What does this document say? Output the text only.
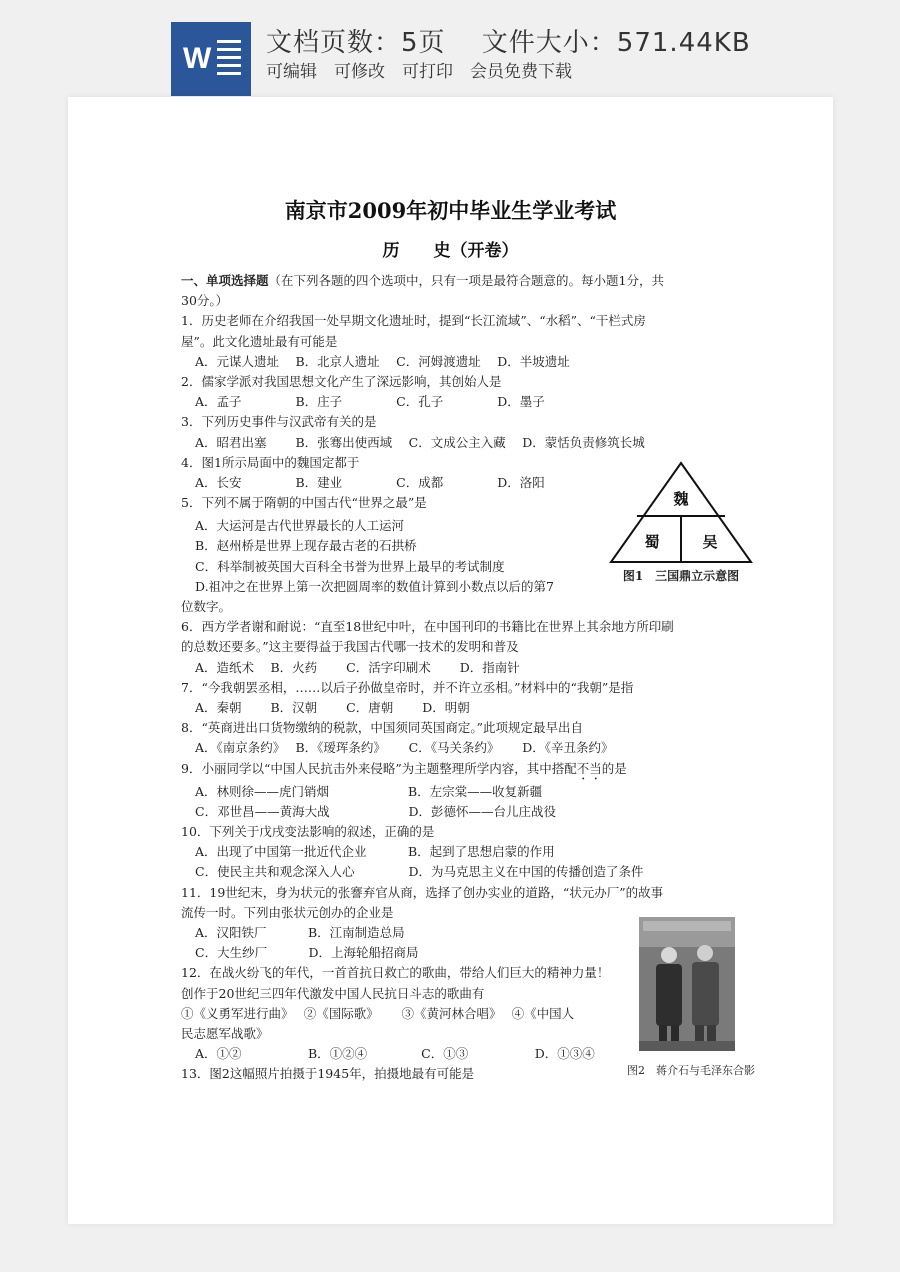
W 文档页数：5页　 文件大小：571.44KB
可编辑　可修改　可打印　会员免费下载
南京市2009年初中毕业生学业考试
历　　史（开卷）
一、单项选择题（在下列各题的四个选项中，只有一项是最符合题意的。每小题1分，共
30分。）
1．历史老师在介绍我国一处早期文化遗址时，提到“长江流域”、“水稻”、“干栏式房
屋”。此文化遗址最有可能是
A．元谋人遗址　 B．北京人遗址　 C．河姆渡遗址　 D．半坡遗址
2．儒家学派对我国思想文化产生了深远影响，其创始人是
A．孟子　　　　 B．庄子　　　　 C．孔子　　　　 D．墨子
3．下列历史事件与汉武帝有关的是
A．昭君出塞　　 B．张骞出使西域　 C．文成公主入藏　 D．蒙恬负责修筑长城
4．图1所示局面中的魏国定都于
A．长安　　　　 B．建业　　　　 C．成都　　　　 D．洛阳
5．下列不属于隋朝的中国古代“世界之最”是
A．大运河是古代世界最长的人工运河
B．赵州桥是世界上现存最古老的石拱桥
C．科举制被英国大百科全书誉为世界上最早的考试制度
D.祖冲之在世界上第一次把圆周率的数值计算到小数点以后的第7
位数字。
6．西方学者谢和耐说：“直至18世纪中叶，在中国刊印的书籍比在世界上其余地方所印刷
的总数还要多。”这主要得益于我国古代哪一技术的发明和普及
A．造纸术　 B．火药　　 C．活字印刷术　　 D．指南针
7．“今我朝罢丞相，……以后子孙做皇帝时，并不许立丞相。”材料中的“我朝”是指
A．秦朝　　 B．汉朝　　 C．唐朝　　 D．明朝
8．“英商进出口货物缴纳的税款，中国须同英国商定。”此项规定最早出自
A．《南京条约》　 B．《瑷珲条约》　　 C．《马关条约》　　 D．《辛丑条约》
9．小丽同学以“中国人民抗击外来侵略”为主题整理所学内容，其中搭配不当的是
A．林则徐——虎门销烟　　　　　　 B．左宗棠——收复新疆
C．邓世昌——黄海大战　　　　　　 D．彭德怀——台儿庄战役
10．下列关于戊戌变法影响的叙述，正确的是
A．出现了中国第一批近代企业　　　 B．起到了思想启蒙的作用
C．使民主共和观念深入人心　　　　 D．为马克思主义在中国的传播创造了条件
11．19世纪末，身为状元的张謇弃官从商，选择了创办实业的道路，“状元办厂”的故事
流传一时。下列由张状元创办的企业是
A．汉阳铁厂　　　 B．江南制造总局
C．大生纱厂　　　 D．上海轮船招商局
12．在战火纷飞的年代，一首首抗日救亡的歌曲，带给人们巨大的精神力量！
创作于20世纪三四年代激发中国人民抗日斗志的歌曲有
①《义勇军进行曲》　 ②《国际歌》　　 ③《黄河林合唱》　 ④《中国人
民志愿军战歌》
A．①②　　　　　 B．①②④　　　　 C．①③　　　　　 D．①③④
13．图2这幅照片拍摄于1945年，拍摄地最有可能是
魏
蜀	吴
图1　三国鼎立示意图
图2　蒋介石与毛泽东合影
